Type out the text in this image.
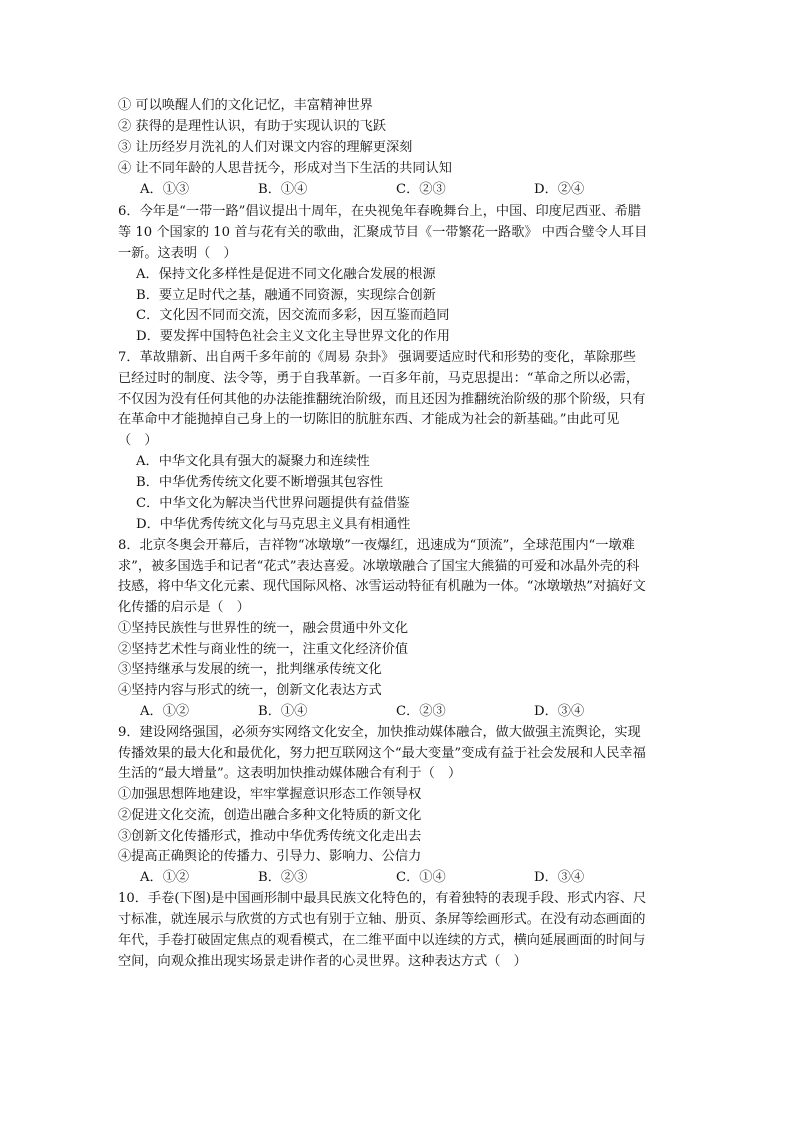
① 可以唤醒人们的文化记忆，丰富精神世界
② 获得的是理性认识，有助于实现认识的飞跃
③ 让历经岁月洗礼的人们对课文内容的理解更深刻
④ 让不同年龄的人思昔抚今，形成对当下生活的共同认知
A．①③	B．①④	C．②③	D．②④
6．今年是“一带一路”倡议提出十周年，在央视兔年春晚舞台上，中国、印度尼西亚、希腊
等 10 个国家的 10 首与花有关的歌曲，汇聚成节目《一带繁花一路歌》 中西合璧令人耳目
一新。这表明（　）
A．保持文化多样性是促进不同文化融合发展的根源
B．要立足时代之基，融通不同资源，实现综合创新
C．文化因不同而交流，因交流而多彩，因互鉴而趋同
D．要发挥中国特色社会主义文化主导世界文化的作用
7．革故鼎新、出自两千多年前的《周易 杂卦》 强调要适应时代和形势的变化，革除那些
已经过时的制度、法令等，勇于自我革新。一百多年前，马克思提出：“革命之所以必需，
不仅因为没有任何其他的办法能推翻统治阶级，而且还因为推翻统治阶级的那个阶级，只有
在革命中才能抛掉自己身上的一切陈旧的肮脏东西、才能成为社会的新基础。”由此可见
（　）
A．中华文化具有强大的凝聚力和连续性
B．中华优秀传统文化要不断增强其包容性
C．中华文化为解决当代世界问题提供有益借鉴
D．中华优秀传统文化与马克思主义具有相通性
8．北京冬奥会开幕后，吉祥物“冰墩墩”一夜爆红，迅速成为“顶流”，全球范围内“一墩难
求”，被多国选手和记者“花式”表达喜爱。冰墩墩融合了国宝大熊猫的可爱和冰晶外壳的科
技感，将中华文化元素、现代国际风格、冰雪运动特征有机融为一体。“冰墩墩热”对搞好文
化传播的启示是（　）
①坚持民族性与世界性的统一，融会贯通中外文化
②坚持艺术性与商业性的统一，注重文化经济价值
③坚持继承与发展的统一，批判继承传统文化
④坚持内容与形式的统一，创新文化表达方式
A．①②	B．①④	C．②③	D．③④
9．建设网络强国，必须夯实网络文化安全，加快推动媒体融合，做大做强主流舆论，实现
传播效果的最大化和最优化，努力把互联网这个“最大变量”变成有益于社会发展和人民幸福
生活的“最大增量”。这表明加快推动媒体融合有利于（　）
①加强思想阵地建设，牢牢掌握意识形态工作领导权
②促进文化交流，创造出融合多种文化特质的新文化
③创新文化传播形式，推动中华优秀传统文化走出去
④提高正确舆论的传播力、引导力、影响力、公信力
A．①②	B．②③	C．①④	D．③④
10．手卷(下图)是中国画形制中最具民族文化特色的，有着独特的表现手段、形式内容、尺
寸标准，就连展示与欣赏的方式也有别于立轴、册页、条屏等绘画形式。在没有动态画面的
年代，手卷打破固定焦点的观看模式，在二维平面中以连续的方式，横向延展画面的时间与
空间，向观众推出现实场景走讲作者的心灵世界。这种表达方式（　）
